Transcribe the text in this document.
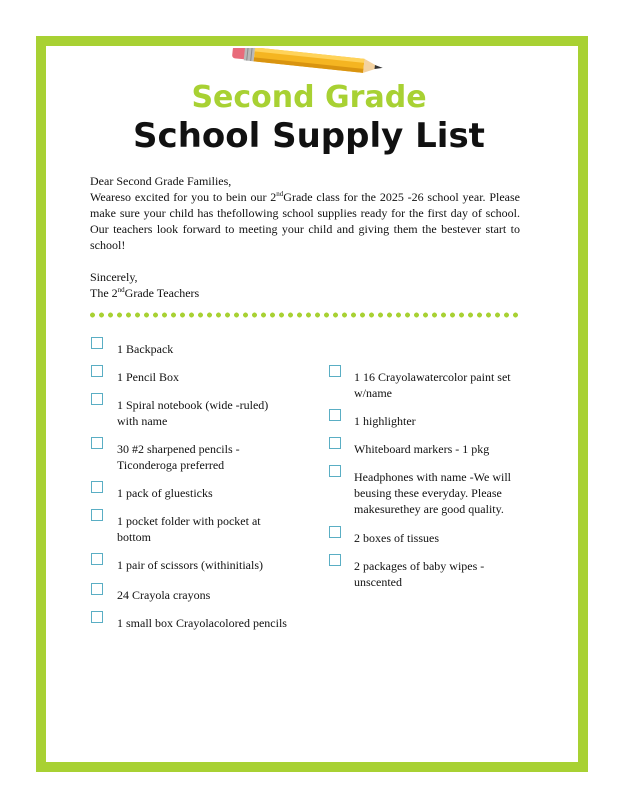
Second Grade
School Supply List

Dear Second Grade Families,

Weareso excited for you to bein our 2ndGrade class for the 2025 -26 school year. Please make sure your child has thefollowing school supplies ready for the first day of school. Our teachers look forward to meeting your child and giving them the bestever start to school!

Sincerely,

The 2ndGrade Teachers

1 Backpack
1 Pencil Box
1 Spiral notebook (wide -ruled) with name
30 #2 sharpened pencils - Ticonderoga preferred
1 pack of gluesticks
1 pocket folder with pocket at bottom
1 pair of scissors (withinitials)
24 Crayola crayons
1 small box Crayolacolored pencils
1 16 Crayolawatercolor paint set w/name
1 highlighter
Whiteboard markers - 1 pkg
Headphones with name -We will beusing these everyday. Please makesurethey are good quality.
2 boxes of tissues
2 packages of baby wipes - unscented
